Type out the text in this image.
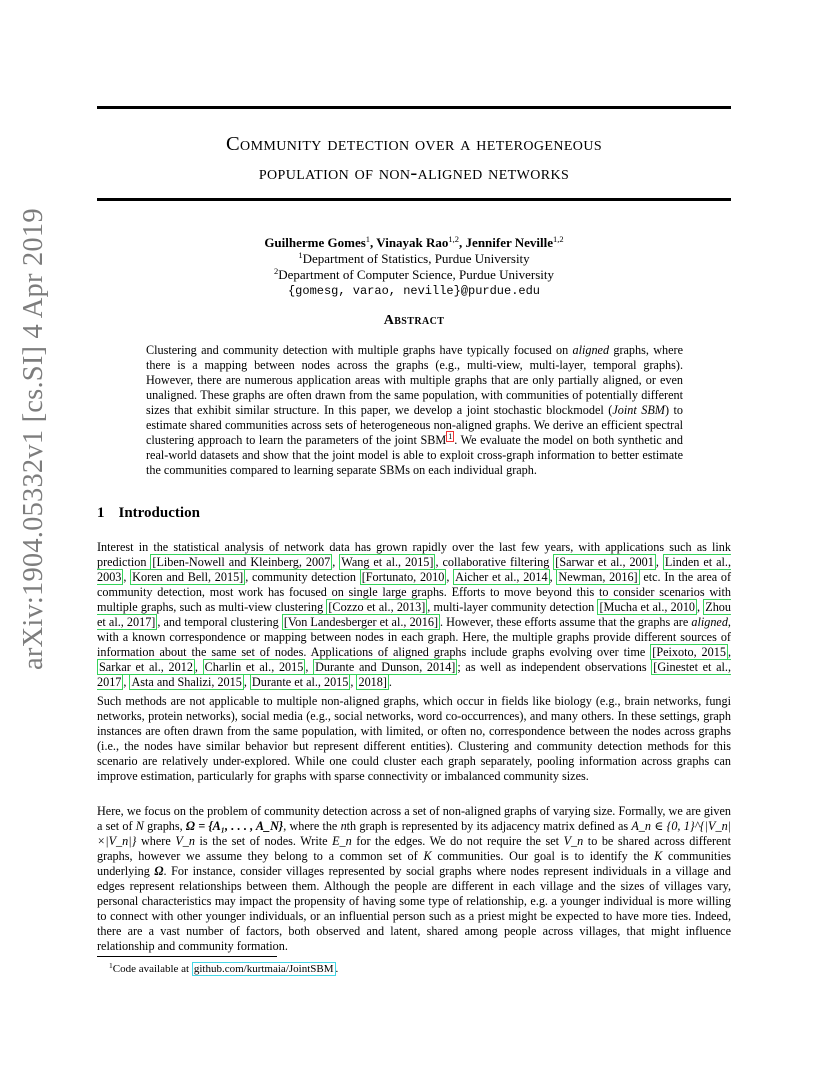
arXiv:1904.05332v1 [cs.SI] 4 Apr 2019
Community detection over a heterogeneous
population of non-aligned networks
Guilherme Gomes$^1$, Vinayak Rao$^{1,2}$, Jennifer Neville$^{1,2}$
$^1$Department of Statistics, Purdue University
$^2$Department of Computer Science, Purdue University
{gomesg, varao, neville}@purdue.edu
Abstract
Clustering and community detection with multiple graphs have typically focused on aligned graphs, where there is a mapping between nodes across the graphs (e.g., multi-view, multi-layer, temporal graphs). However, there are numerous application areas with multiple graphs that are only partially aligned, or even unaligned. These graphs are often drawn from the same population, with communities of potentially different sizes that exhibit similar structure. In this paper, we develop a joint stochastic blockmodel (Joint SBM) to estimate shared communities across sets of heterogeneous non-aligned graphs. We derive an efficient spectral clustering approach to learn the parameters of the joint SBM $^1$ . We evaluate the model on both synthetic and real-world datasets and show that the joint model is able to exploit cross-graph information to better estimate the communities compared to learning separate SBMs on each individual graph.
1 Introduction
Interest in the statistical analysis of network data has grown rapidly over the last few years, with applications such as link prediction [Liben-Nowell and Kleinberg, 2007 , Wang et al., 2015] , collaborative filtering [Sarwar et al., 2001 , Linden et al., 2003 , Koren and Bell, 2015] , community detection [Fortunato, 2010 , Aicher et al., 2014 , Newman, 2016] etc. In the area of community detection, most work has focused on single large graphs. Efforts to move beyond this to consider scenarios with multiple graphs, such as multi-view clustering [Cozzo et al., 2013] , multi-layer community detection [Mucha et al., 2010 , Zhou et al., 2017] , and temporal clustering [Von Landesberger et al., 2016] . However, these efforts assume that the graphs are aligned, with a known correspondence or mapping between nodes in each graph. Here, the multiple graphs provide different sources of information about the same set of nodes. Applications of aligned graphs include graphs evolving over time [Peixoto, 2015 , Sarkar et al., 2012 , Charlin et al., 2015 , Durante and Dunson, 2014] ; as well as independent observations [Ginestet et al., 2017 , Asta and Shalizi, 2015 , Durante et al., 2015 , 2018] .
Such methods are not applicable to multiple non-aligned graphs, which occur in fields like biology (e.g., brain networks, fungi networks, protein networks), social media (e.g., social networks, word co-occurrences), and many others. In these settings, graph instances are often drawn from the same population, with limited, or often no, correspondence between the nodes across graphs (i.e., the nodes have similar behavior but represent different entities). Clustering and community detection methods for this scenario are relatively under-explored. While one could cluster each graph separately, pooling information across graphs can improve estimation, particularly for graphs with sparse connectivity or imbalanced community sizes.
Here, we focus on the problem of community detection across a set of non-aligned graphs of varying size. Formally, we are given a set of N graphs, Ω = {A₁, . . . , A_N}, where the nth graph is represented by its adjacency matrix defined as A_n ∈ {0, 1}^{|V_n|×|V_n|} where V_n is the set of nodes. Write E_n for the edges. We do not require the set V_n to be shared across different graphs, however we assume they belong to a common set of K communities. Our goal is to identify the K communities underlying Ω. For instance, consider villages represented by social graphs where nodes represent individuals in a village and edges represent relationships between them. Although the people are different in each village and the sizes of villages vary, personal characteristics may impact the propensity of having some type of relationship, e.g. a younger individual is more willing to connect with other younger individuals, or an influential person such as a priest might be expected to have more ties. Indeed, there are a vast number of factors, both observed and latent, shared among people across villages, that might influence relationship and community formation.
$^1$Code available at github.com/kurtmaia/JointSBM .
